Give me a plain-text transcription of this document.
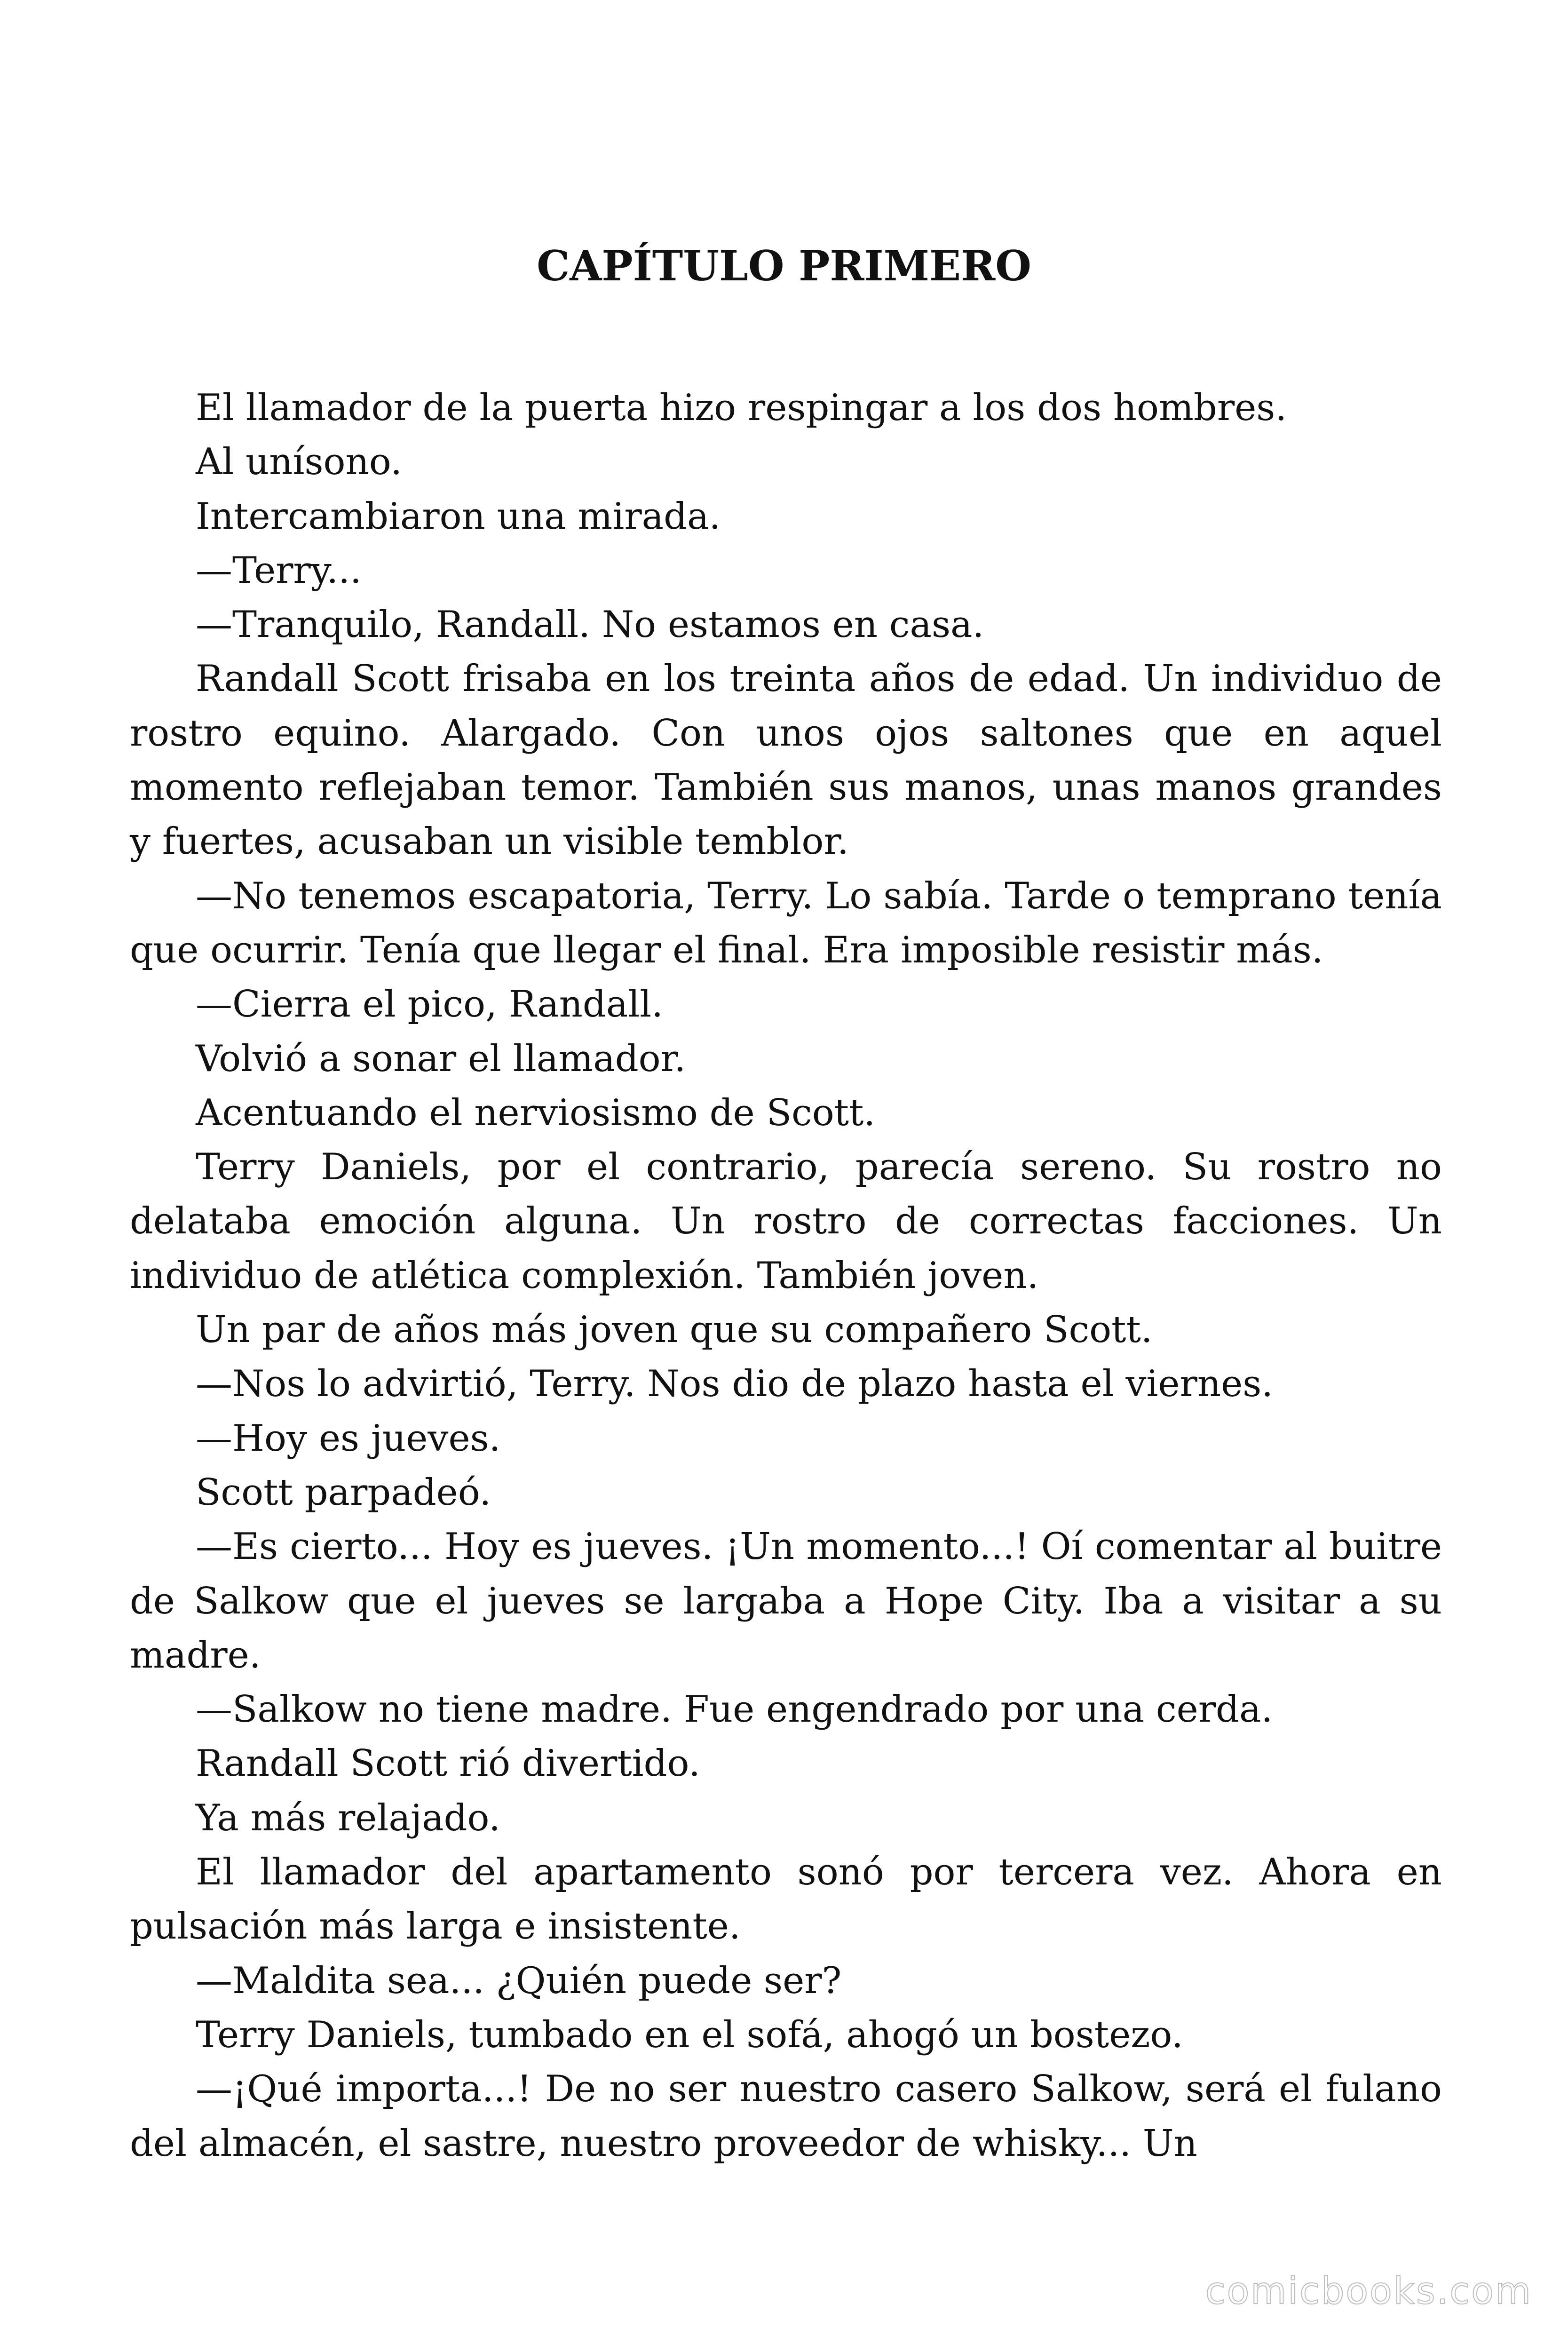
CAPÍTULO PRIMERO

El llamador de la puerta hizo respingar a los dos hombres.

Al unísono.

Intercambiaron una mirada.

—Terry...

—Tranquilo, Randall. No estamos en casa.

Randall Scott frisaba en los treinta años de edad. Un individuo de rostro equino. Alargado. Con unos ojos saltones que en aquel momento reflejaban temor. También sus manos, unas manos grandes y fuertes, acusaban un visible temblor.

—No tenemos escapatoria, Terry. Lo sabía. Tarde o temprano tenía que ocurrir. Tenía que llegar el final. Era imposible resistir más.

—Cierra el pico, Randall.

Volvió a sonar el llamador.

Acentuando el nerviosismo de Scott.

Terry Daniels, por el contrario, parecía sereno. Su rostro no delataba emoción alguna. Un rostro de correctas facciones. Un individuo de atlética complexión. También joven.

Un par de años más joven que su compañero Scott.

—Nos lo advirtió, Terry. Nos dio de plazo hasta el viernes.

—Hoy es jueves.

Scott parpadeó.

—Es cierto... Hoy es jueves. ¡Un momento...! Oí comentar al buitre de Salkow que el jueves se largaba a Hope City. Iba a visitar a su madre.

—Salkow no tiene madre. Fue engendrado por una cerda.

Randall Scott rió divertido.

Ya más relajado.

El llamador del apartamento sonó por tercera vez. Ahora en pulsación más larga e insistente.

—Maldita sea... ¿Quién puede ser?

Terry Daniels, tumbado en el sofá, ahogó un bostezo.

—¡Qué importa...! De no ser nuestro casero Salkow, será el fulano del almacén, el sastre, nuestro proveedor de whisky... Un

comicbooks.com
